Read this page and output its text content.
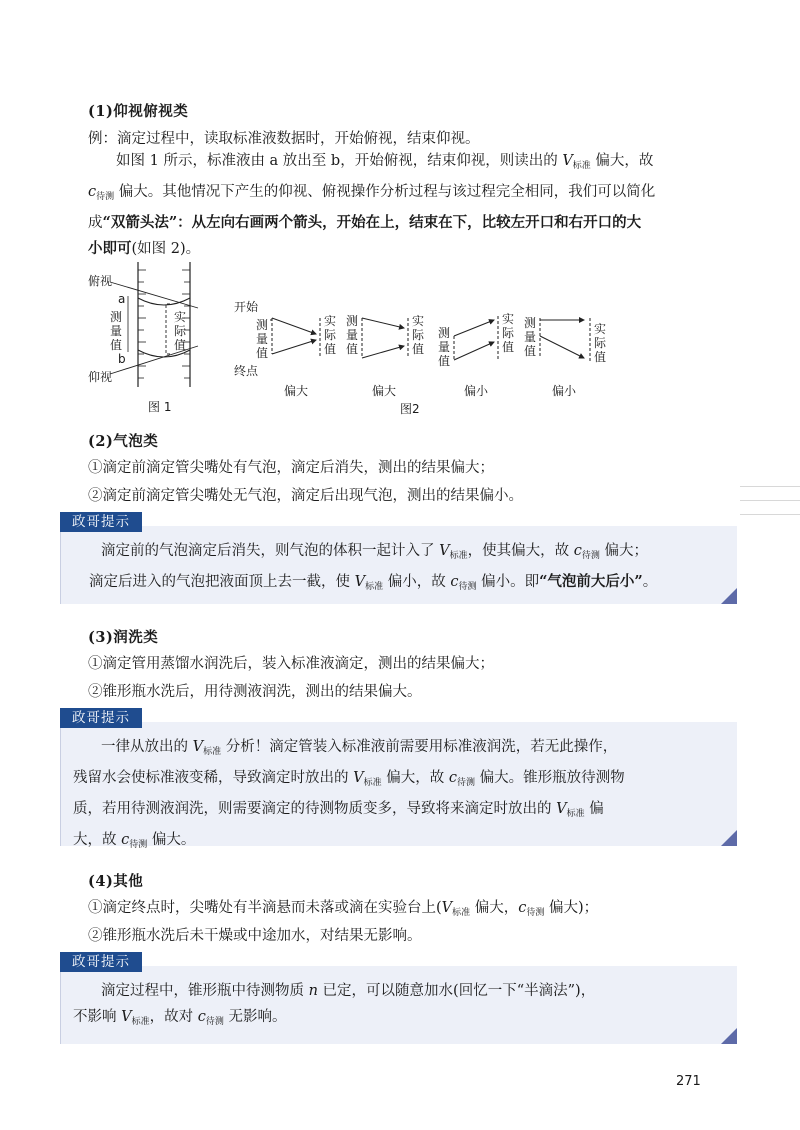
(1)仰视俯视类
例：滴定过程中，读取标准液数据时，开始俯视，结束仰视。
如图 1 所示，标准液由 a 放出至 b，开始俯视，结束仰视，则读出的 $V_{标准}$ 偏大，故
$c_{待测}$ 偏大。其他情况下产生的仰视、俯视操作分析过程与该过程完全相同，我们可以简化
成“双箭头法”：从左向右画两个箭头，开始在上，结束在下，比较左开口和右开口的大
小即可(如图 2)。
俯视
a
测量值
实际值
b
仰视
图 1
开始
终点
测量值
实际值
测量值
实际值
测量值
实际值
测量值
实际值
偏大	偏大	偏小	偏小
图2
(2)气泡类
①滴定前滴定管尖嘴处有气泡，滴定后消失，测出的结果偏大；
②滴定前滴定管尖嘴处无气泡，滴定后出现气泡，测出的结果偏小。
滴定前的气泡滴定后消失，则气泡的体积一起计入了 $V_{标准}$，使其偏大，故 $c_{待测}$ 偏大；
滴定后进入的气泡把液面顶上去一截，使 $V_{标准}$ 偏小，故 $c_{待测}$ 偏小。即“气泡前大后小”。
政哥提示
(3)润洗类
①滴定管用蒸馏水润洗后，装入标准液滴定，测出的结果偏大；
②锥形瓶水洗后，用待测液润洗，测出的结果偏大。
一律从放出的 $V_{标准}$ 分析！滴定管装入标准液前需要用标准液润洗，若无此操作，
残留水会使标准液变稀，导致滴定时放出的 $V_{标准}$ 偏大，故 $c_{待测}$ 偏大。锥形瓶放待测物
质，若用待测液润洗，则需要滴定的待测物质变多，导致将来滴定时放出的 $V_{标准}$ 偏
大，故 $c_{待测}$ 偏大。
政哥提示
(4)其他
①滴定终点时，尖嘴处有半滴悬而未落或滴在实验台上($V_{标准}$ 偏大，$c_{待测}$ 偏大)；
②锥形瓶水洗后未干燥或中途加水，对结果无影响。
滴定过程中，锥形瓶中待测物质 n 已定，可以随意加水(回忆一下“半滴法”)，
不影响 $V_{标准}$，故对 $c_{待测}$ 无影响。
政哥提示
271
